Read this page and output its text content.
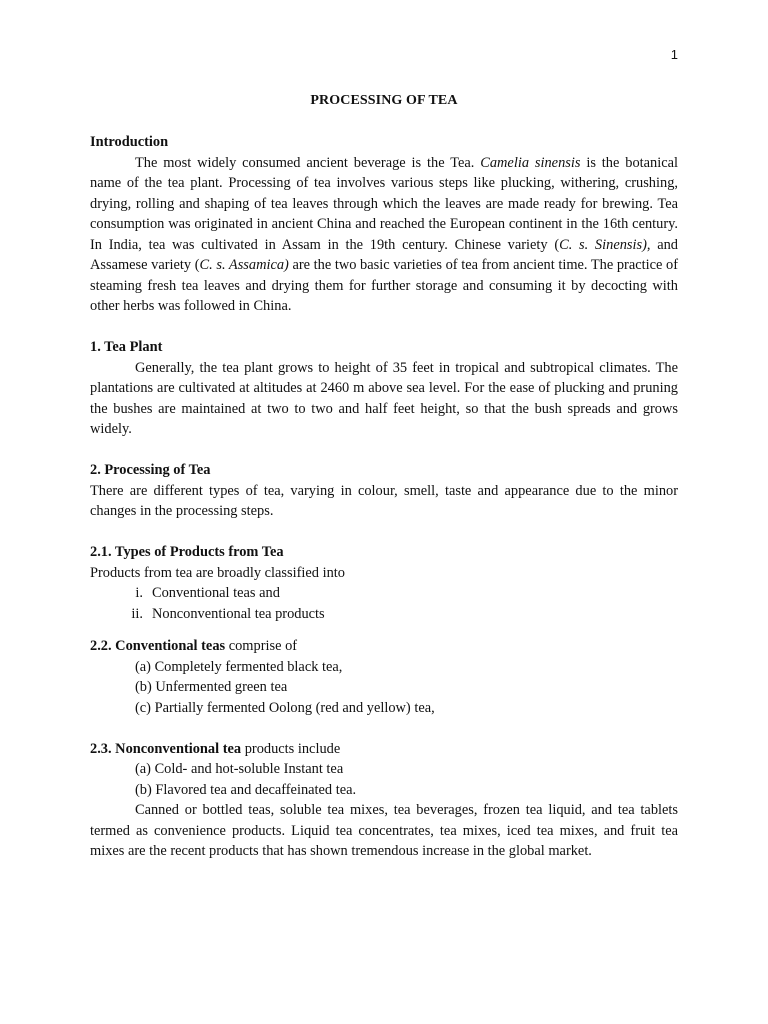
1
PROCESSING OF TEA

Introduction

The most widely consumed ancient beverage is the Tea. Camelia sinensis is the botanical name of the tea plant. Processing of tea involves various steps like plucking, withering, crushing, drying, rolling and shaping of tea leaves through which the leaves are made ready for brewing. Tea consumption was originated in ancient China and reached the European continent in the 16th century. In India, tea was cultivated in Assam in the 19th century. Chinese variety (C. s. Sinensis), and Assamese variety (C. s. Assamica) are the two basic varieties of tea from ancient time. The practice of steaming fresh tea leaves and drying them for further storage and consuming it by decocting with other herbs was followed in China.

1. Tea Plant

Generally, the tea plant grows to height of 35 feet in tropical and subtropical climates. The plantations are cultivated at altitudes at 2460 m above sea level. For the ease of plucking and pruning the bushes are maintained at two to two and half feet height, so that the bush spreads and grows widely.

2. Processing of Tea

There are different types of tea, varying in colour, smell, taste and appearance due to the minor changes in the processing steps.

2.1. Types of Products from Tea

Products from tea are broadly classified into

i. Conventional teas and
ii. Nonconventional tea products

2.2. Conventional teas comprise of

(a) Completely fermented black tea,

(b) Unfermented green tea

(c) Partially fermented Oolong (red and yellow) tea,

2.3. Nonconventional tea products include

(a) Cold- and hot-soluble Instant tea

(b) Flavored tea and decaffeinated tea.

Canned or bottled teas, soluble tea mixes, tea beverages, frozen tea liquid, and tea tablets termed as convenience products. Liquid tea concentrates, tea mixes, iced tea mixes, and fruit tea mixes are the recent products that has shown tremendous increase in the global market.
